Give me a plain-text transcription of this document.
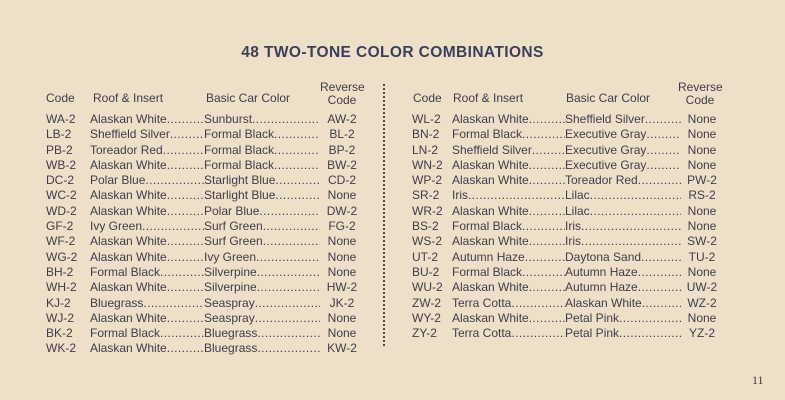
48 TWO-TONE COLOR COMBINATIONS
Code Roof & Insert	Basic Car Color
Reverse
Code
WA-2 Alaskan White .....	Sunburst .....	AW-2
LB-2 Sheffield Silver .....	Formal Black .....	BL-2
PB-2 Toreador Red .....	Formal Black .....	BP-2
WB-2 Alaskan White .....	Formal Black .....	BW-2
DC-2 Polar Blue .....	Starlight Blue .....	CD-2
WC-2 Alaskan White .....	Starlight Blue .....	None
WD-2 Alaskan White .....	Polar Blue .....	DW-2
GF-2 Ivy Green .....	Surf Green .....	FG-2
WF-2 Alaskan White .....	Surf Green .....	None
WG-2 Alaskan White .....	Ivy Green .....	None
BH-2 Formal Black .....	Silverpine .....	None
WH-2 Alaskan White .....	Silverpine .....	HW-2
KJ-2 Bluegrass .....	Seaspray .....	JK-2
WJ-2 Alaskan White .....	Seaspray .....	None
BK-2 Formal Black .....	Bluegrass .....	None
WK-2 Alaskan White .....	Bluegrass .....	KW-2
Code Roof & Insert	Basic Car Color
Reverse
Code
WL-2 Alaskan White .....	Sheffield Silver .....	None
BN-2 Formal Black .....	Executive Gray .....	None
LN-2 Sheffield Silver .....	Executive Gray .....	None
WN-2 Alaskan White .....	Executive Gray .....	None
WP-2 Alaskan White .....	Toreador Red .....	PW-2
SR-2 Iris .....	Lilac .....	RS-2
WR-2 Alaskan White .....	Lilac .....	None
BS-2 Formal Black .....	Iris .....	None
WS-2 Alaskan White .....	Iris .....	SW-2
UT-2 Autumn Haze .....	Daytona Sand .....	TU-2
BU-2 Formal Black .....	Autumn Haze .....	None
WU-2 Alaskan White .....	Autumn Haze .....	UW-2
ZW-2 Terra Cotta .....	Alaskan White .....	WZ-2
WY-2 Alaskan White .....	Petal Pink .....	None
ZY-2 Terra Cotta .....	Petal Pink .....	YZ-2
11
